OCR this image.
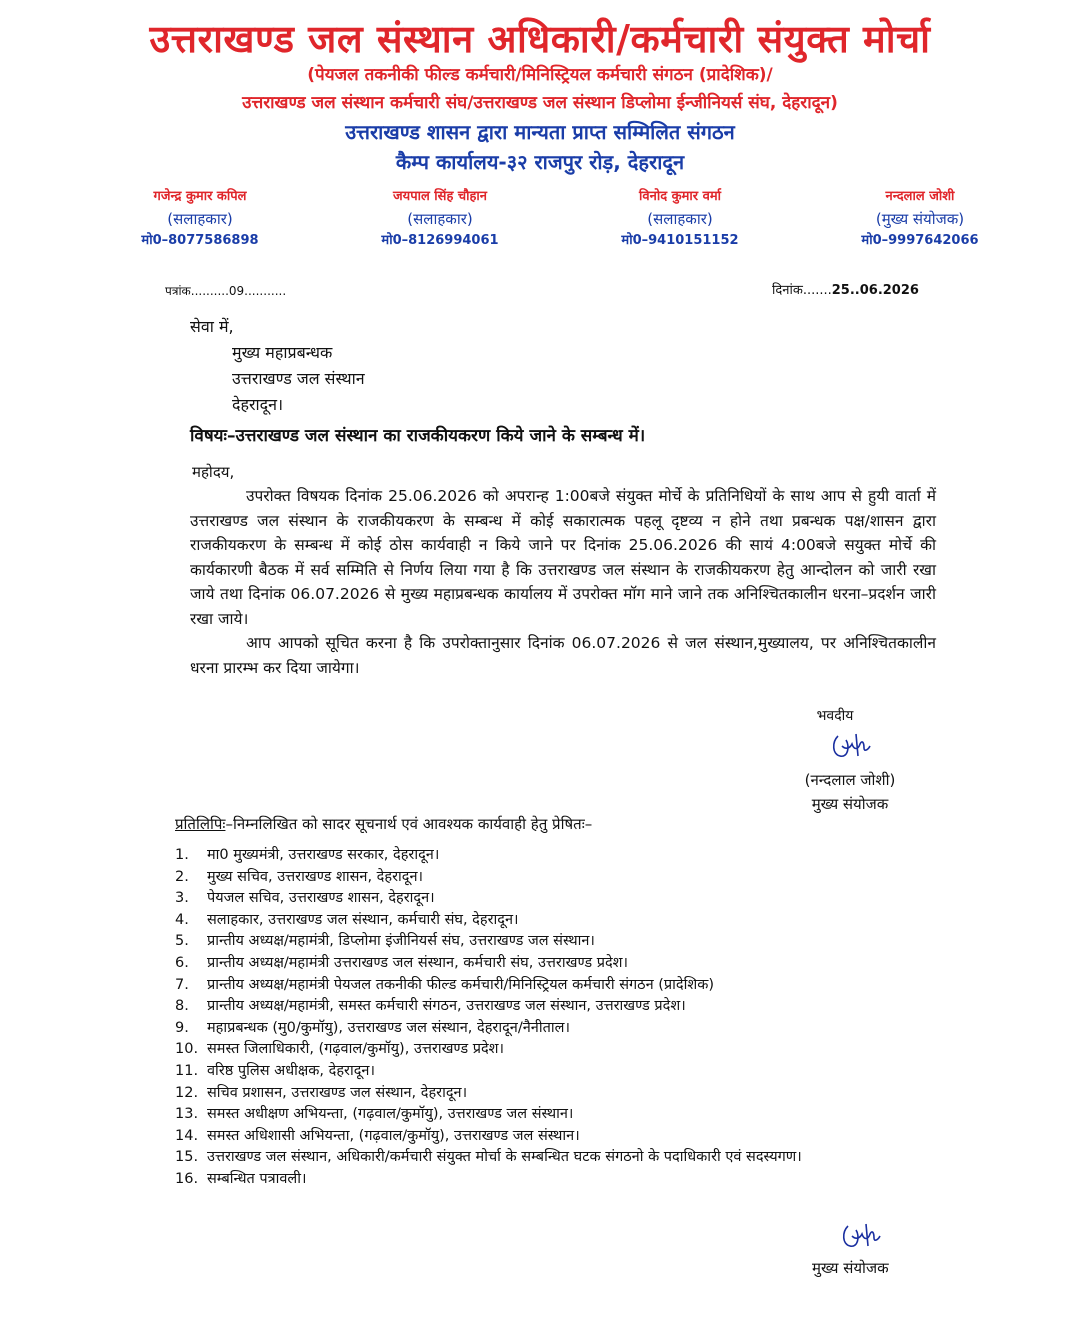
उत्तराखण्ड जल संस्थान अधिकारी/कर्मचारी संयुक्त मोर्चा
(पेयजल तकनीकी फील्ड कर्मचारी/मिनिस्ट्रियल कर्मचारी संगठन (प्रादेशिक)/
उत्तराखण्ड जल संस्थान कर्मचारी संघ/उत्तराखण्ड जल संस्थान डिप्लोमा ईन्जीनियर्स संघ, देहरादून)
उत्तराखण्ड शासन द्वारा मान्यता प्राप्त सम्मिलित संगठन
कैम्प कार्यालय-३२ राजपुर रोड़, देहरादून
गजेन्द्र कुमार कपिल
(सलाहकार)
मो0–8077586898
जयपाल सिंह चौहान
(सलाहकार)
मो0–8126994061
विनोद कुमार वर्मा
(सलाहकार)
मो0–9410151152
नन्दलाल जोशी
(मुख्य संयोजक)
मो0–9997642066
पत्रांक..........09...........	दिनांक.......25..06.2026
सेवा में,
मुख्य महाप्रबन्धक
उत्तराखण्ड जल संस्थान
देहरादून।
विषयः–उत्तराखण्ड जल संस्थान का राजकीयकरण किये जाने के सम्बन्ध में।
महोदय,

उपरोक्त विषयक दिनांक 25.06.2026 को अपरान्ह 1:00बजे संयुक्त मोर्चे के प्रतिनिधियों के साथ आप से हुयी वार्ता में उत्तराखण्ड जल संस्थान के राजकीयकरण के सम्बन्ध में कोई सकारात्मक पहलू दृष्टव्य न होने तथा प्रबन्धक पक्ष/शासन द्वारा राजकीयकरण के सम्बन्ध में कोई ठोस कार्यवाही न किये जाने पर दिनांक 25.06.2026 की सायं 4:00बजे सयुक्त मोर्चे की कार्यकारणी बैठक में सर्व सम्मिति से निर्णय लिया गया है कि उत्तराखण्ड जल संस्थान के राजकीयकरण हेतु आन्दोलन को जारी रखा जाये तथा दिनांक 06.07.2026 से मुख्य महाप्रबन्धक कार्यालय में उपरोक्त मॉग माने जाने तक अनिश्चितकालीन धरना–प्रदर्शन जारी रखा जाये।

आप आपको सूचित करना है कि उपरोक्तानुसार दिनांक 06.07.2026 से जल संस्थान,मुख्यालय, पर अनिश्चितकालीन धरना प्रारम्भ कर दिया जायेगा।

भवदीय
(नन्दलाल जोशी)
मुख्य संयोजक
प्रतिलिपिः–निम्नलिखित को सादर सूचनार्थ एवं आवश्यक कार्यवाही हेतु प्रेषितः–
1.	मा0 मुख्यमंत्री, उत्तराखण्ड सरकार, देहरादून।
2.	मुख्य सचिव, उत्तराखण्ड शासन, देहरादून।
3.	पेयजल सचिव, उत्तराखण्ड शासन, देहरादून।
4.	सलाहकार, उत्तराखण्ड जल संस्थान, कर्मचारी संघ, देहरादून।
5.	प्रान्तीय अध्यक्ष/महामंत्री, डिप्लोमा इंजीनियर्स संघ, उत्तराखण्ड जल संस्थान।
6.	प्रान्तीय अध्यक्ष/महामंत्री उत्तराखण्ड जल संस्थान, कर्मचारी संघ, उत्तराखण्ड प्रदेश।
7.	प्रान्तीय अध्यक्ष/महामंत्री पेयजल तकनीकी फील्ड कर्मचारी/मिनिस्ट्रियल कर्मचारी संगठन (प्रादेशिक)
8.	प्रान्तीय अध्यक्ष/महामंत्री, समस्त कर्मचारी संगठन, उत्तराखण्ड जल संस्थान, उत्तराखण्ड प्रदेश।
9.	महाप्रबन्धक (मु0/कुमॉयु), उत्तराखण्ड जल संस्थान, देहरादून/नैनीताल।
10. समस्त जिलाधिकारी, (गढ़वाल/कुमॉयु), उत्तराखण्ड प्रदेश।
11. वरिष्ठ पुलिस अधीक्षक, देहरादून।
12. सचिव प्रशासन, उत्तराखण्ड जल संस्थान, देहरादून।
13. समस्त अधीक्षण अभियन्ता, (गढ़वाल/कुमॉयु), उत्तराखण्ड जल संस्थान।
14. समस्त अधिशासी अभियन्ता, (गढ़वाल/कुमॉयु), उत्तराखण्ड जल संस्थान।
15. उत्तराखण्ड जल संस्थान, अधिकारी/कर्मचारी संयुक्त मोर्चा के सम्बन्धित घटक संगठनो के पदाधिकारी एवं सदस्यगण।
16. सम्बन्धित पत्रावली।
मुख्य संयोजक
